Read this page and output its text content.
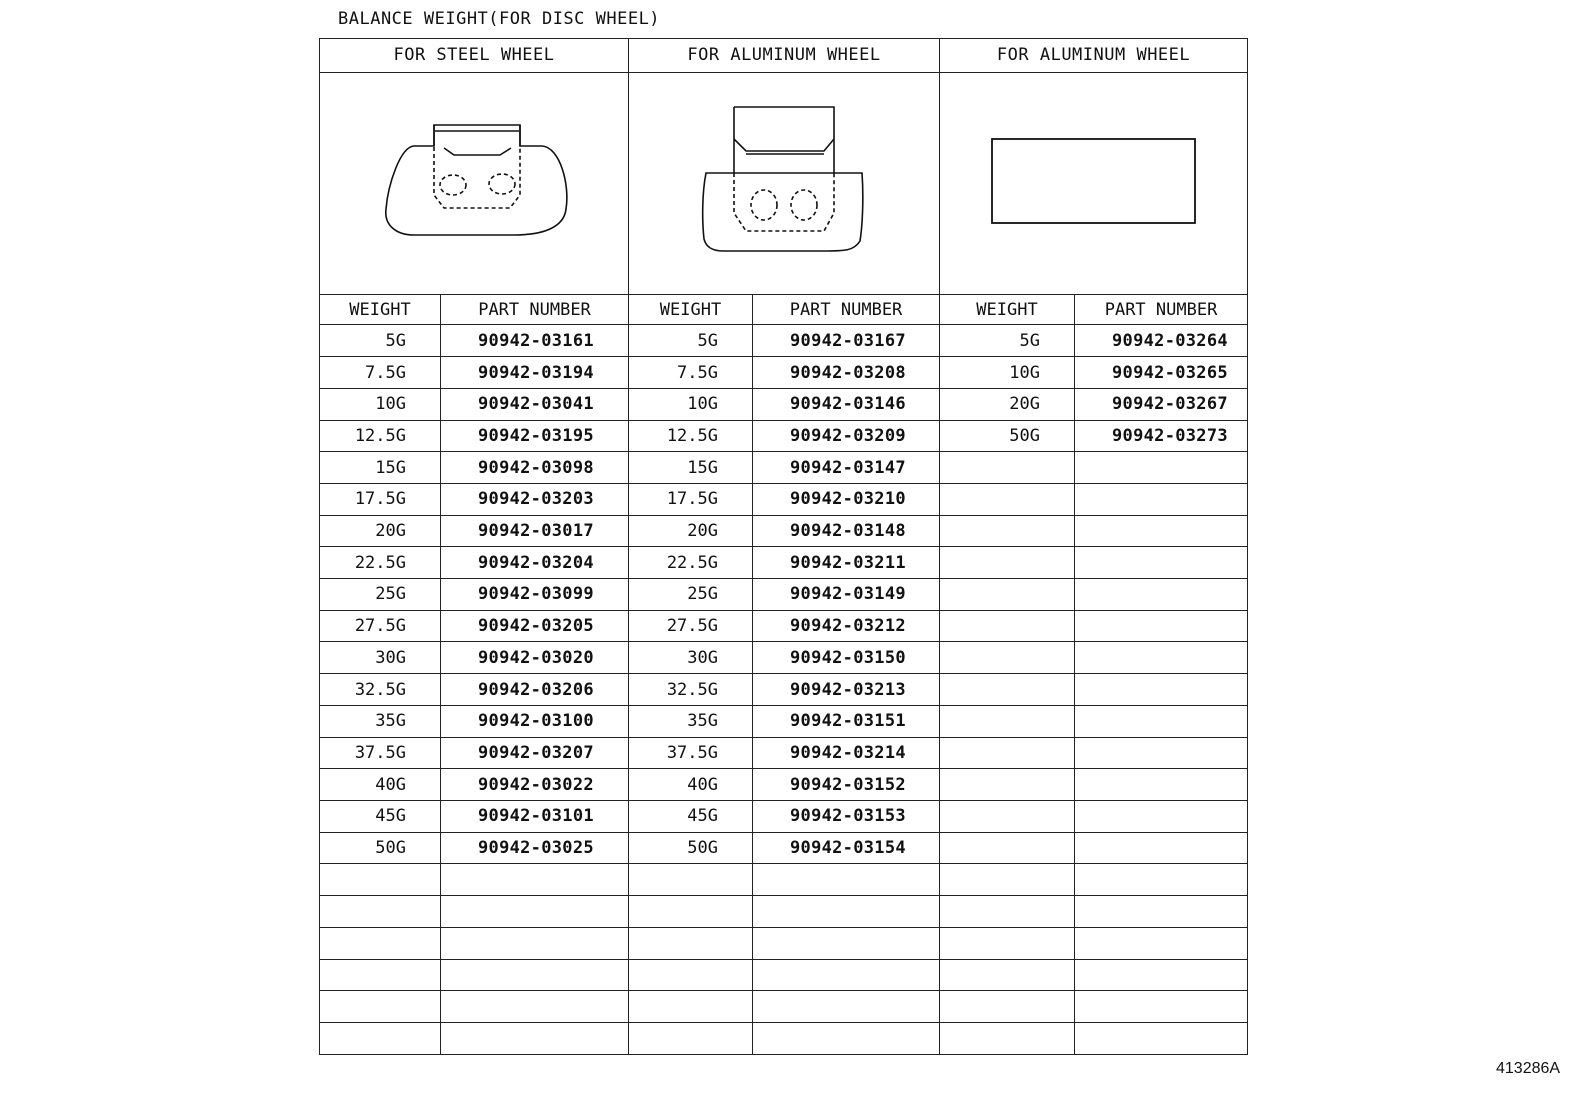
BALANCE WEIGHT(FOR DISC WHEEL)
FOR STEEL WHEEL		FOR ALUMINUM WHEEL		FOR ALUMINUM WHEEL	

WEIGHT	PART NUMBER	WEIGHT	PART NUMBER	WEIGHT	PART NUMBER
5G	90942-03161	5G	90942-03167	5G	90942-03264
7.5G	90942-03194	7.5G	90942-03208	10G	90942-03265
10G	90942-03041	10G	90942-03146	20G	90942-03267
12.5G	90942-03195	12.5G	90942-03209	50G	90942-03273
15G	90942-03098	15G	90942-03147		
17.5G	90942-03203	17.5G	90942-03210		
20G	90942-03017	20G	90942-03148		
22.5G	90942-03204	22.5G	90942-03211		
25G	90942-03099	25G	90942-03149		
27.5G	90942-03205	27.5G	90942-03212		
30G	90942-03020	30G	90942-03150		
32.5G	90942-03206	32.5G	90942-03213		
35G	90942-03100	35G	90942-03151		
37.5G	90942-03207	37.5G	90942-03214		
40G	90942-03022	40G	90942-03152		
45G	90942-03101	45G	90942-03153		
50G	90942-03025	50G	90942-03154		

413286A
